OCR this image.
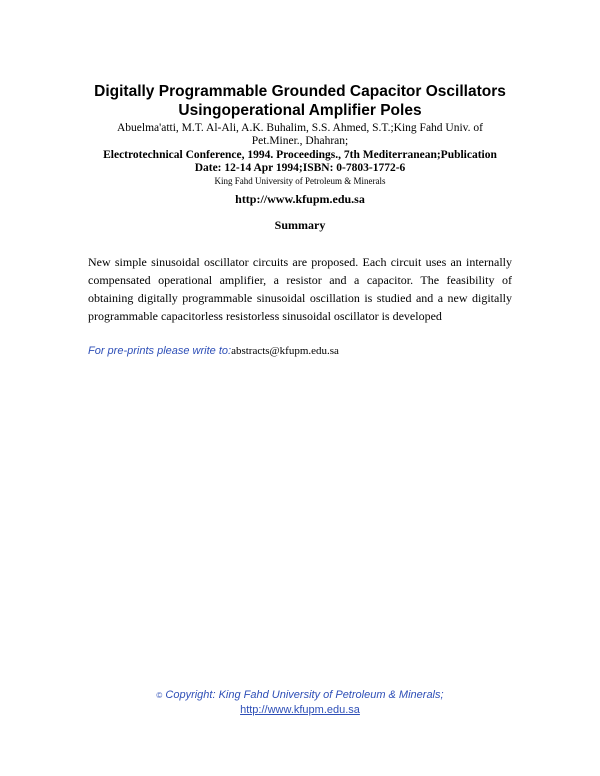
Digitally Programmable Grounded Capacitor Oscillators
Usingoperational Amplifier Poles
Abuelma'atti, M.T. Al-Ali, A.K. Buhalim, S.S. Ahmed, S.T.;King Fahd Univ. of
Pet.Miner., Dhahran;
Electrotechnical Conference, 1994. Proceedings., 7th Mediterranean;Publication
Date: 12-14 Apr 1994;ISBN: 0-7803-1772-6
King Fahd University of Petroleum & Minerals
http://www.kfupm.edu.sa
Summary
New simple sinusoidal oscillator circuits are proposed. Each circuit uses an internally compensated operational amplifier, a resistor and a capacitor. The feasibility of obtaining digitally programmable sinusoidal oscillation is studied and a new digitally programmable capacitorless resistorless sinusoidal oscillator is developed
For pre-prints please write to:abstracts@kfupm.edu.sa
© Copyright: King Fahd University of Petroleum & Minerals;
http://www.kfupm.edu.sa
